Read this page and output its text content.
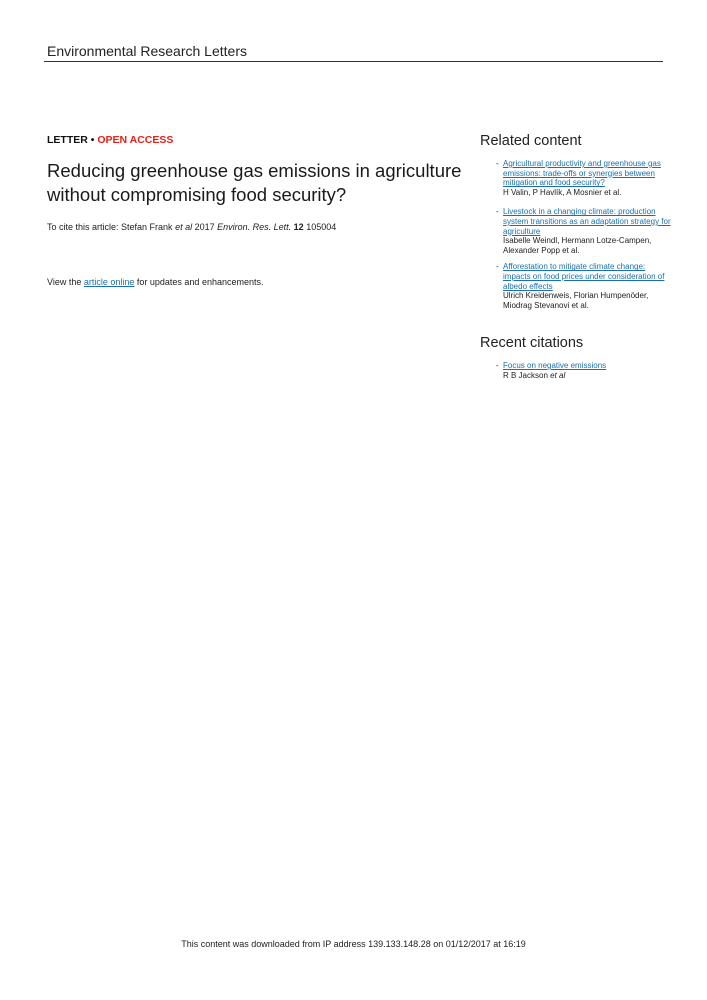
Environmental Research Letters
LETTER • OPEN ACCESS
Reducing greenhouse gas emissions in agriculture without compromising food security?
To cite this article: Stefan Frank et al 2017 Environ. Res. Lett. 12 105004
View the article online for updates and enhancements.
Related content
- Agricultural productivity and greenhouse gas emissions: trade-offs or synergies between mitigation and food security?
H Valin, P Havlík, A Mosnier et al.
- Livestock in a changing climate: production system transitions as an adaptation strategy for agriculture
Isabelle Weindl, Hermann Lotze-Campen, Alexander Popp et al.
- Afforestation to mitigate climate change: impacts on food prices under consideration of albedo effects
Ulrich Kreidenweis, Florian Humpenöder, Miodrag Stevanovi et al.
Recent citations
- Focus on negative emissions
R B Jackson et al
This content was downloaded from IP address 139.133.148.28 on 01/12/2017 at 16:19
